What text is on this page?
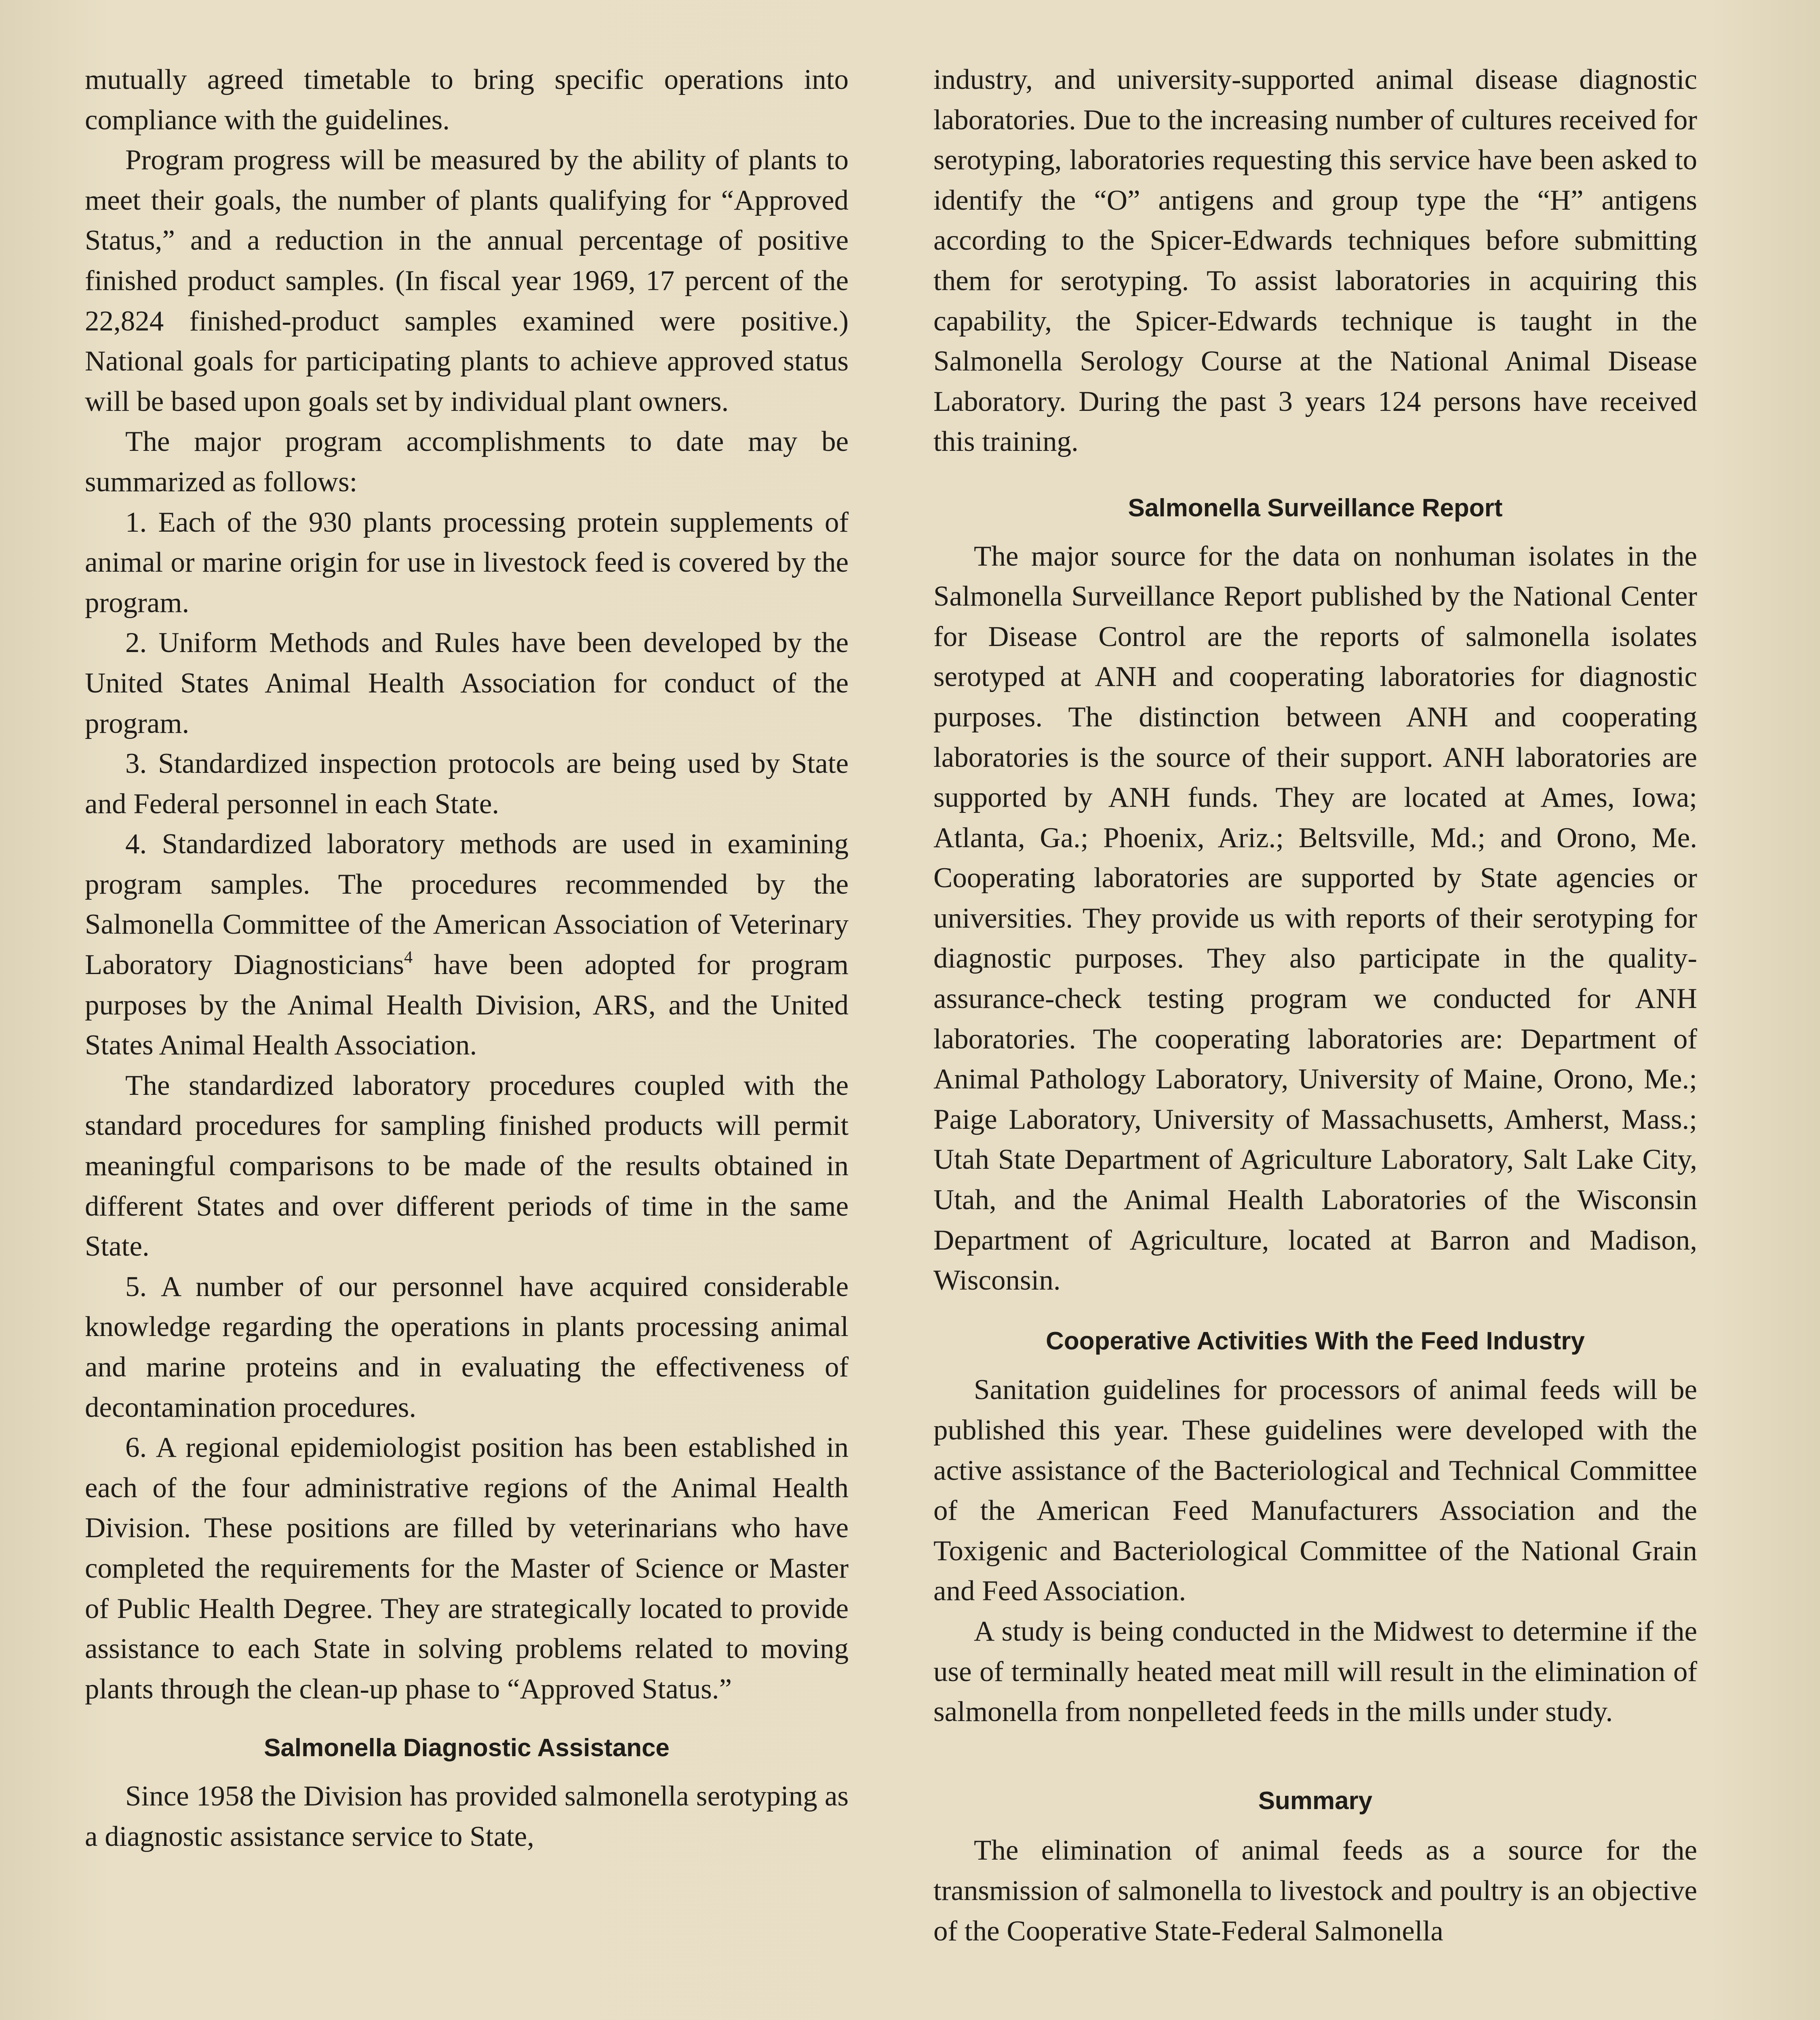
mutually agreed timetable to bring specific operations into compliance with the guidelines.

Program progress will be measured by the ability of plants to meet their goals, the number of plants qualifying for “Approved Status,” and a reduction in the annual percentage of positive finished product samples. (In fiscal year 1969, 17 percent of the 22,824 finished-product samples examined were positive.) National goals for participating plants to achieve approved status will be based upon goals set by individual plant owners.

The major program accomplishments to date may be summarized as follows:

1. Each of the 930 plants processing protein supplements of animal or marine origin for use in livestock feed is covered by the program.

2. Uniform Methods and Rules have been developed by the United States Animal Health Association for conduct of the program.

3. Standardized inspection protocols are being used by State and Federal personnel in each State.

4. Standardized laboratory methods are used in examining program samples. The procedures recommended by the Salmonella Committee of the American Association of Veterinary Laboratory Diagnosticians$^4$ have been adopted for program purposes by the Animal Health Division, ARS, and the United States Animal Health Association.

The standardized laboratory procedures coupled with the standard procedures for sampling finished products will permit meaningful comparisons to be made of the results obtained in different States and over different periods of time in the same State.

5. A number of our personnel have acquired considerable knowledge regarding the operations in plants processing animal and marine proteins and in evaluating the effectiveness of decontamination procedures.

6. A regional epidemiologist position has been established in each of the four administrative regions of the Animal Health Division. These positions are filled by veterinarians who have completed the requirements for the Master of Science or Master of Public Health Degree. They are strategically located to provide assistance to each State in solving problems related to moving plants through the clean-up phase to “Approved Status.”

Salmonella Diagnostic Assistance

Since 1958 the Division has provided salmonella serotyping as a diagnostic assistance service to State,

industry, and university-supported animal disease diagnostic laboratories. Due to the increasing number of cultures received for serotyping, laboratories requesting this service have been asked to identify the “O” antigens and group type the “H” antigens according to the Spicer-Edwards techniques before submitting them for serotyping. To assist laboratories in acquiring this capability, the Spicer-Edwards technique is taught in the Salmonella Serology Course at the National Animal Disease Laboratory. During the past 3 years 124 persons have received this training.

Salmonella Surveillance Report

The major source for the data on nonhuman isolates in the Salmonella Surveillance Report published by the National Center for Disease Control are the reports of salmonella isolates serotyped at ANH and cooperating laboratories for diagnostic purposes. The distinction between ANH and cooperating laboratories is the source of their support. ANH laboratories are supported by ANH funds. They are located at Ames, Iowa; Atlanta, Ga.; Phoenix, Ariz.; Beltsville, Md.; and Orono, Me. Cooperating laboratories are supported by State agencies or universities. They provide us with reports of their serotyping for diagnostic purposes. They also participate in the quality-assurance-check testing program we conducted for ANH laboratories. The cooperating laboratories are: Department of Animal Pathology Laboratory, University of Maine, Orono, Me.; Paige Laboratory, University of Massachusetts, Amherst, Mass.; Utah State Department of Agriculture Laboratory, Salt Lake City, Utah, and the Animal Health Laboratories of the Wisconsin Department of Agriculture, located at Barron and Madison, Wisconsin.

Cooperative Activities With the Feed Industry

Sanitation guidelines for processors of animal feeds will be published this year. These guidelines were developed with the active assistance of the Bacteriological and Technical Committee of the American Feed Manufacturers Association and the Toxigenic and Bacteriological Committee of the National Grain and Feed Association.

A study is being conducted in the Midwest to determine if the use of terminally heated meat mill will result in the elimination of salmonella from nonpelleted feeds in the mills under study.

Summary

The elimination of animal feeds as a source for the transmission of salmonella to livestock and poultry is an objective of the Cooperative State-Federal Salmonella
